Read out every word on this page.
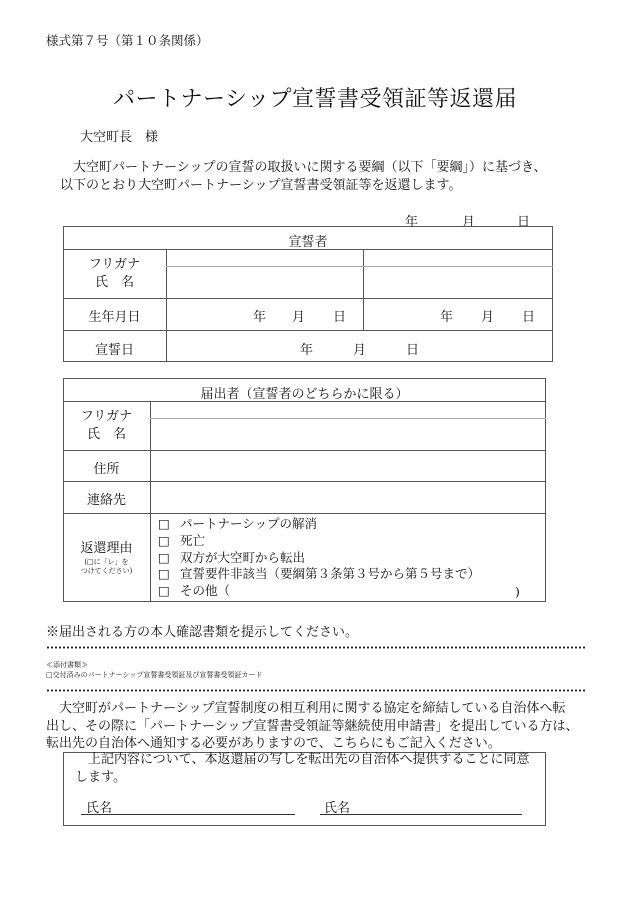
様式第７号（第１０条関係）
パートナーシップ宣誓書受領証等返還届
大空町長　様
大空町パートナーシップの宣誓の取扱いに関する要綱（以下「要綱」）に基づき、
以下のとおり大空町パートナーシップ宣誓書受領証等を返還します。
年	月	日
宣誓者
フリガナ
氏　名
生年月日	年 月 日	年 月 日
宣誓日	年	月	日
届出者（宣誓者のどちらかに限る）
フリガナ
氏　名
住所
連絡先
返還理由
(□に「レ」を
つけてください)
□ パートナーシップの解消
□ 死亡
□ 双方が大空町から転出
□ 宣誓要件非該当（要綱第３条第３号から第５号まで）
□ その他（	)
※届出される方の本人確認書類を提示してください。
≪添付書類≫
□交付済みのパートナーシップ宣誓書受領証及び宣誓書受領証カード
大空町がパートナーシップ宣誓制度の相互利用に関する協定を締結している自治体へ転
出し、その際に「パートナーシップ宣誓書受領証等継続使用申請書」を提出している方は、
転出先の自治体へ通知する必要がありますので、こちらにもご記入ください。
上記内容について、本返還届の写しを転出先の自治体へ提供することに同意
します。
氏名	氏名
